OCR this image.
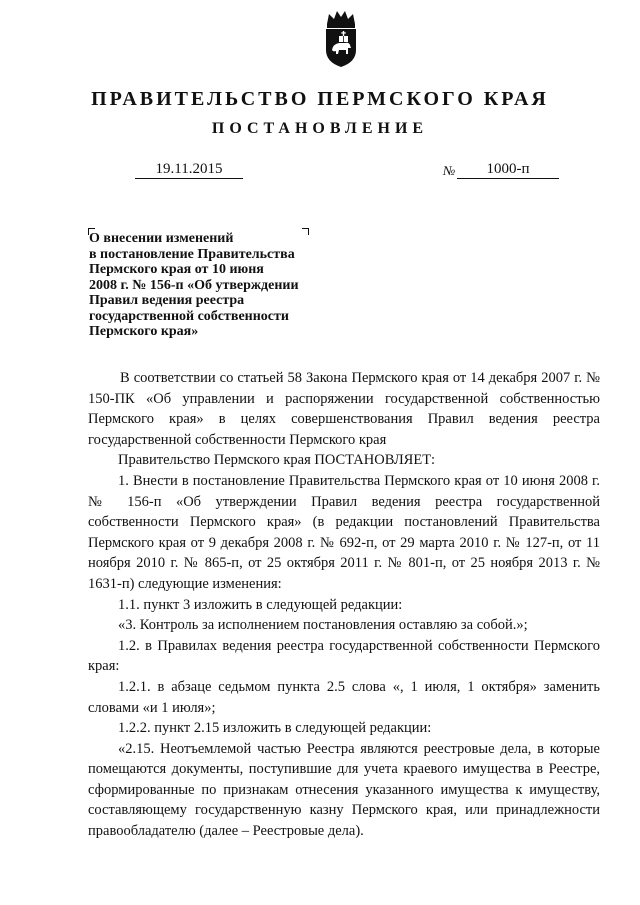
ПРАВИТЕЛЬСТВО ПЕРМСКОГО КРАЯ
ПОСТАНОВЛЕНИЕ
19.11.2015	№	1000-п
О внесении изменений
в постановление Правительства
Пермского края от 10 июня
2008 г. № 156-п «Об утверждении
Правил ведения реестра
государственной собственности
Пермского края»

В соответствии со статьей 58 Закона Пермского края от 14 декабря 2007 г. № 150-ПК «Об управлении и распоряжении государственной собственностью Пермского края» в целях совершенствования Правил ведения реестра государственной собственности Пермского края

Правительство Пермского края ПОСТАНОВЛЯЕТ:

1. Внести в постановление Правительства Пермского края от 10 июня 2008 г. № 156-п «Об утверждении Правил ведения реестра государственной собственности Пермского края» (в редакции постановлений Правительства Пермского края от 9 декабря 2008 г. № 692-п, от 29 марта 2010 г. № 127-п, от 11 ноября 2010 г. № 865-п, от 25 октября 2011 г. № 801-п, от 25 ноября 2013 г. № 1631-п) следующие изменения:

1.1. пункт 3 изложить в следующей редакции:

«3. Контроль за исполнением постановления оставляю за собой.»;

1.2. в Правилах ведения реестра государственной собственности Пермского края:

1.2.1. в абзаце седьмом пункта 2.5 слова «, 1 июля, 1 октября» заменить словами «и 1 июля»;

1.2.2. пункт 2.15 изложить в следующей редакции:

«2.15. Неотъемлемой частью Реестра являются реестровые дела, в которые помещаются документы, поступившие для учета краевого имущества в Реестре, сформированные по признакам отнесения указанного имущества к имуществу, составляющему государственную казну Пермского края, или принадлежности правообладателю (далее – Реестровые дела).
